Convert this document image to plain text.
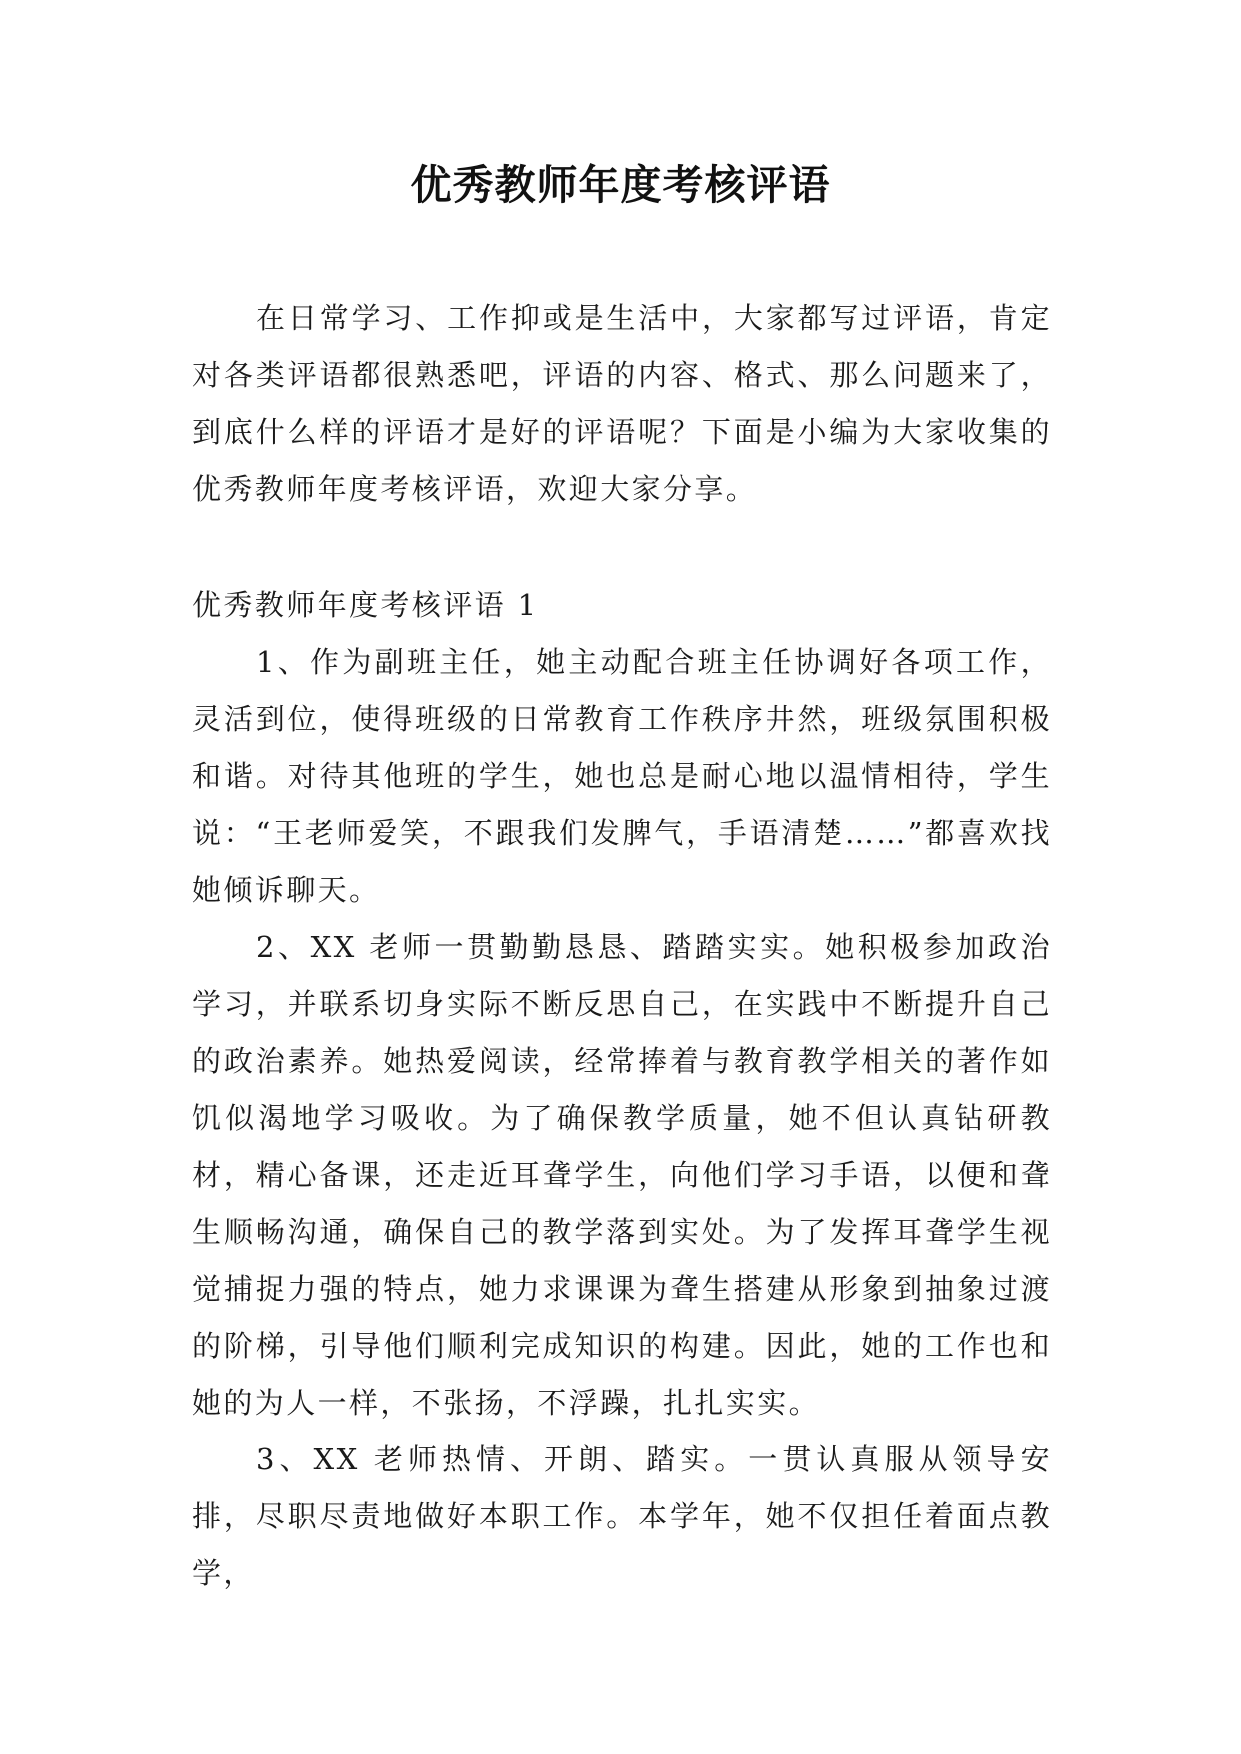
优秀教师年度考核评语

在日常学习、工作抑或是生活中，大家都写过评语，肯定对各类评语都很熟悉吧，评语的内容、格式、那么问题来了，到底什么样的评语才是好的评语呢？下面是小编为大家收集的优秀教师年度考核评语，欢迎大家分享。

优秀教师年度考核评语 1

1、作为副班主任，她主动配合班主任协调好各项工作，灵活到位，使得班级的日常教育工作秩序井然，班级氛围积极和谐。对待其他班的学生，她也总是耐心地以温情相待，学生说：“王老师爱笑，不跟我们发脾气，手语清楚……”都喜欢找她倾诉聊天。

2、XX 老师一贯勤勤恳恳、踏踏实实。她积极参加政治学习，并联系切身实际不断反思自己，在实践中不断提升自己的政治素养。她热爱阅读，经常捧着与教育教学相关的著作如饥似渴地学习吸收。为了确保教学质量，她不但认真钻研教材，精心备课，还走近耳聋学生，向他们学习手语，以便和聋生顺畅沟通，确保自己的教学落到实处。为了发挥耳聋学生视觉捕捉力强的特点，她力求课课为聋生搭建从形象到抽象过渡的阶梯，引导他们顺利完成知识的构建。因此，她的工作也和她的为人一样，不张扬，不浮躁，扎扎实实。

3、XX 老师热情、开朗、踏实。一贯认真服从领导安排，尽职尽责地做好本职工作。本学年，她不仅担任着面点教学，
